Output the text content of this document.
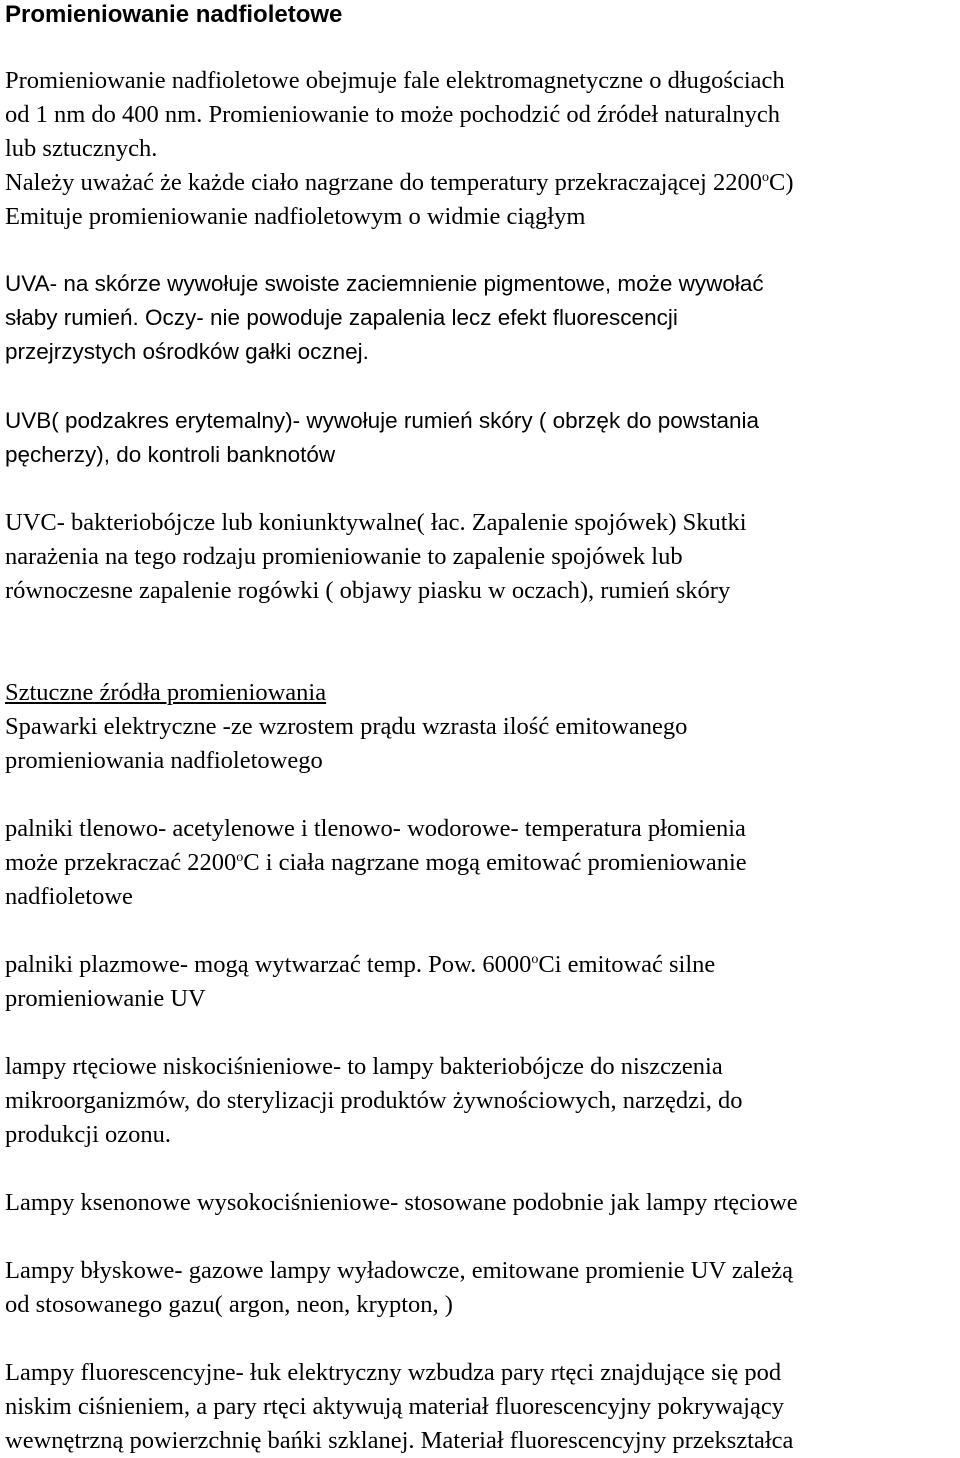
Promieniowanie nadfioletowe

Promieniowanie nadfioletowe obejmuje fale elektromagnetyczne o długościach
od 1 nm do 400 nm. Promieniowanie to może pochodzić od źródeł naturalnych
lub sztucznych.
Należy uważać że każde ciało nagrzane do temperatury przekraczającej 2200$^o$C)
Emituje promieniowanie nadfioletowym o widmie ciągłym

UVA- na skórze wywołuje swoiste zaciemnienie pigmentowe, może wywołać
słaby rumień. Oczy- nie powoduje zapalenia lecz efekt fluorescencji
przejrzystych ośrodków gałki ocznej.

UVB( podzakres erytemalny)- wywołuje rumień skóry ( obrzęk do powstania
pęcherzy), do kontroli banknotów

UVC- bakteriobójcze lub koniunktywalne( łac. Zapalenie spojówek) Skutki
narażenia na tego rodzaju promieniowanie to zapalenie spojówek lub
równoczesne zapalenie rogówki ( objawy piasku w oczach), rumień skóry

Sztuczne źródła promieniowania
Spawarki elektryczne -ze wzrostem prądu wzrasta ilość emitowanego
promieniowania nadfioletowego

palniki tlenowo- acetylenowe i tlenowo- wodorowe- temperatura płomienia
może przekraczać 2200$^o$C i ciała nagrzane mogą emitować promieniowanie
nadfioletowe

palniki plazmowe- mogą wytwarzać temp. Pow. 6000$^o$Ci emitować silne
promieniowanie UV

lampy rtęciowe niskociśnieniowe- to lampy bakteriobójcze do niszczenia
mikroorganizmów, do sterylizacji produktów żywnościowych, narzędzi, do
produkcji ozonu.

Lampy ksenonowe wysokociśnieniowe- stosowane podobnie jak lampy rtęciowe

Lampy błyskowe- gazowe lampy wyładowcze, emitowane promienie UV zależą
od stosowanego gazu( argon, neon, krypton, )

Lampy fluorescencyjne- łuk elektryczny wzbudza pary rtęci znajdujące się pod
niskim ciśnieniem, a pary rtęci aktywują materiał fluorescencyjny pokrywający
wewnętrzną powierzchnię bańki szklanej. Materiał fluorescencyjny przekształca
